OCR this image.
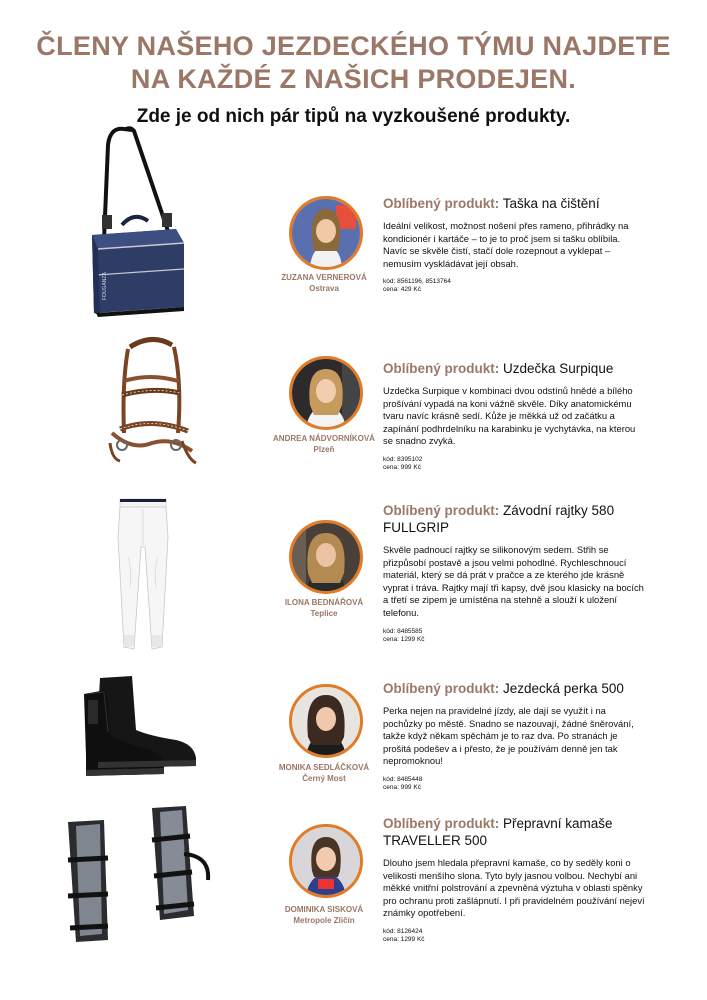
ČLENY NAŠEHO JEZDECKÉHO TÝMU NAJDETE
NA KAŽDÉ Z NAŠICH PRODEJEN.
Zde je od nich pár tipů na vyzkoušené produkty.
FOUGANZA	ZUZANA VERNEROVÁ
Ostrava

Oblíbený produkt: Taška na čištění

Ideální velikost, možnost nošení přes rameno, přihrádky na kondicionér i kartáče – to je to proč jsem si tašku oblíbila. Navíc se skvěle čistí, stačí dole rozepnout a vyklepat – nemusím vyskládávat její obsah.

kód: 8561196, 8513764
cena: 429 Kč
ANDREA NÁDVORNÍKOVÁ
Plzeň

Oblíbený produkt: Uzdečka Surpique

Uzdečka Surpique v kombinaci dvou odstínů hnědé a bílého prošívání vypadá na koni vážně skvěle. Díky anatomickému tvaru navíc krásně sedí. Kůže je měkká už od začátku a zapínání podhrdelníku na karabinku je vychytávka, na kterou se snadno zvyká.

kód: 8395102
cena: 999 Kč
ILONA BEDNÁŘOVÁ
Teplice

Oblíbený produkt: Závodní rajtky 580 FULLGRIP

Skvěle padnoucí rajtky se silikonovým sedem. Střih se přizpůsobí postavě a jsou velmi pohodlné. Rychleschnoucí materiál, který se dá prát v pračce a ze kterého jde krásně vyprat i tráva. Rajtky mají tři kapsy, dvě jsou klasicky na bocích a třetí se zipem je umístěna na stehně a slouží k uložení telefonu.

kód: 8485585
cena: 1299 Kč
MONIKA SEDLÁČKOVÁ
Černý Most

Oblíbený produkt: Jezdecká perka 500

Perka nejen na pravidelné jízdy, ale dají se využít i na pochůzky po městě. Snadno se nazouvají, žádné šněrování, takže když někam spěchám je to raz dva. Po stranách je prošitá podešev a i přesto, že je používám denně jen tak nepromoknou!

kód: 8485448
cena: 999 Kč
DOMINIKA SISKOVÁ
Metropole Zličín

Oblíbený produkt: Přepravní kamaše TRAVELLER 500

Dlouho jsem hledala přepravní kamaše, co by seděly koni o velikosti menšího slona. Tyto byly jasnou volbou. Nechybí ani měkké vnitřní polstrování a zpevněná výztuha v oblasti spěnky pro ochranu proti zašlápnutí. I při pravidelném používání nejeví známky opotřebení.

kód: 8126424
cena: 1299 Kč
